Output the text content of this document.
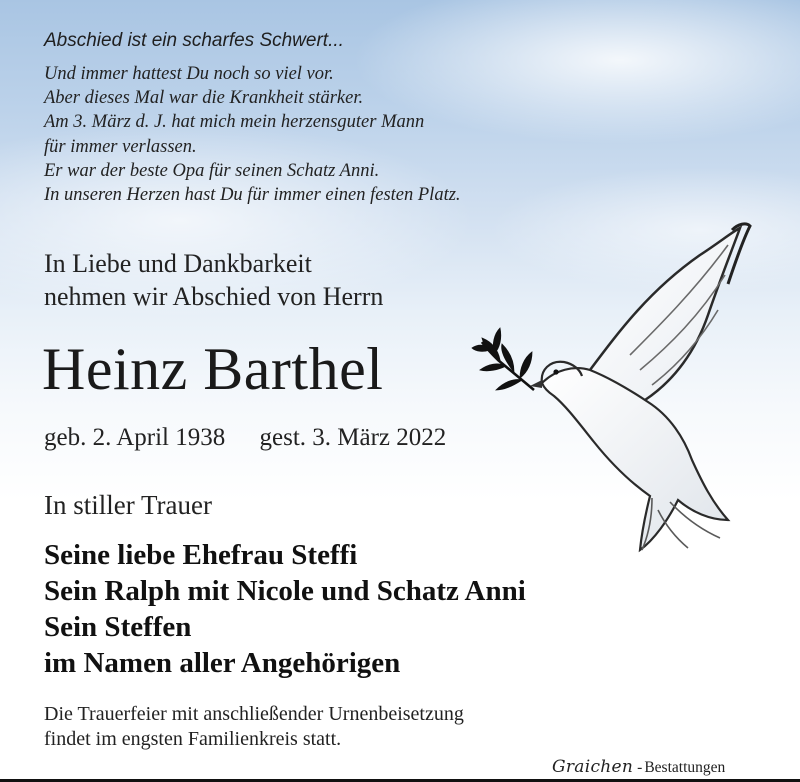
Abschied ist ein scharfes Schwert...

Und immer hattest Du noch so viel vor.
Aber dieses Mal war die Krankheit stärker.
Am 3. März d. J. hat mich mein herzensguter Mann
für immer verlassen.
Er war der beste Opa für seinen Schatz Anni.
In unseren Herzen hast Du für immer einen festen Platz.
In Liebe und Dankbarkeit
nehmen wir Abschied von Herrn
Heinz Barthel

geb. 2. April 1938 gest. 3. März 2022

In stiller Trauer

Seine liebe Ehefrau Steffi
Sein Ralph mit Nicole und Schatz Anni
Sein Steffen
im Namen aller Angehörigen
Die Trauerfeier mit anschließender Urnenbeisetzung
findet im engsten Familienkreis statt.

Graichen - Bestattungen
